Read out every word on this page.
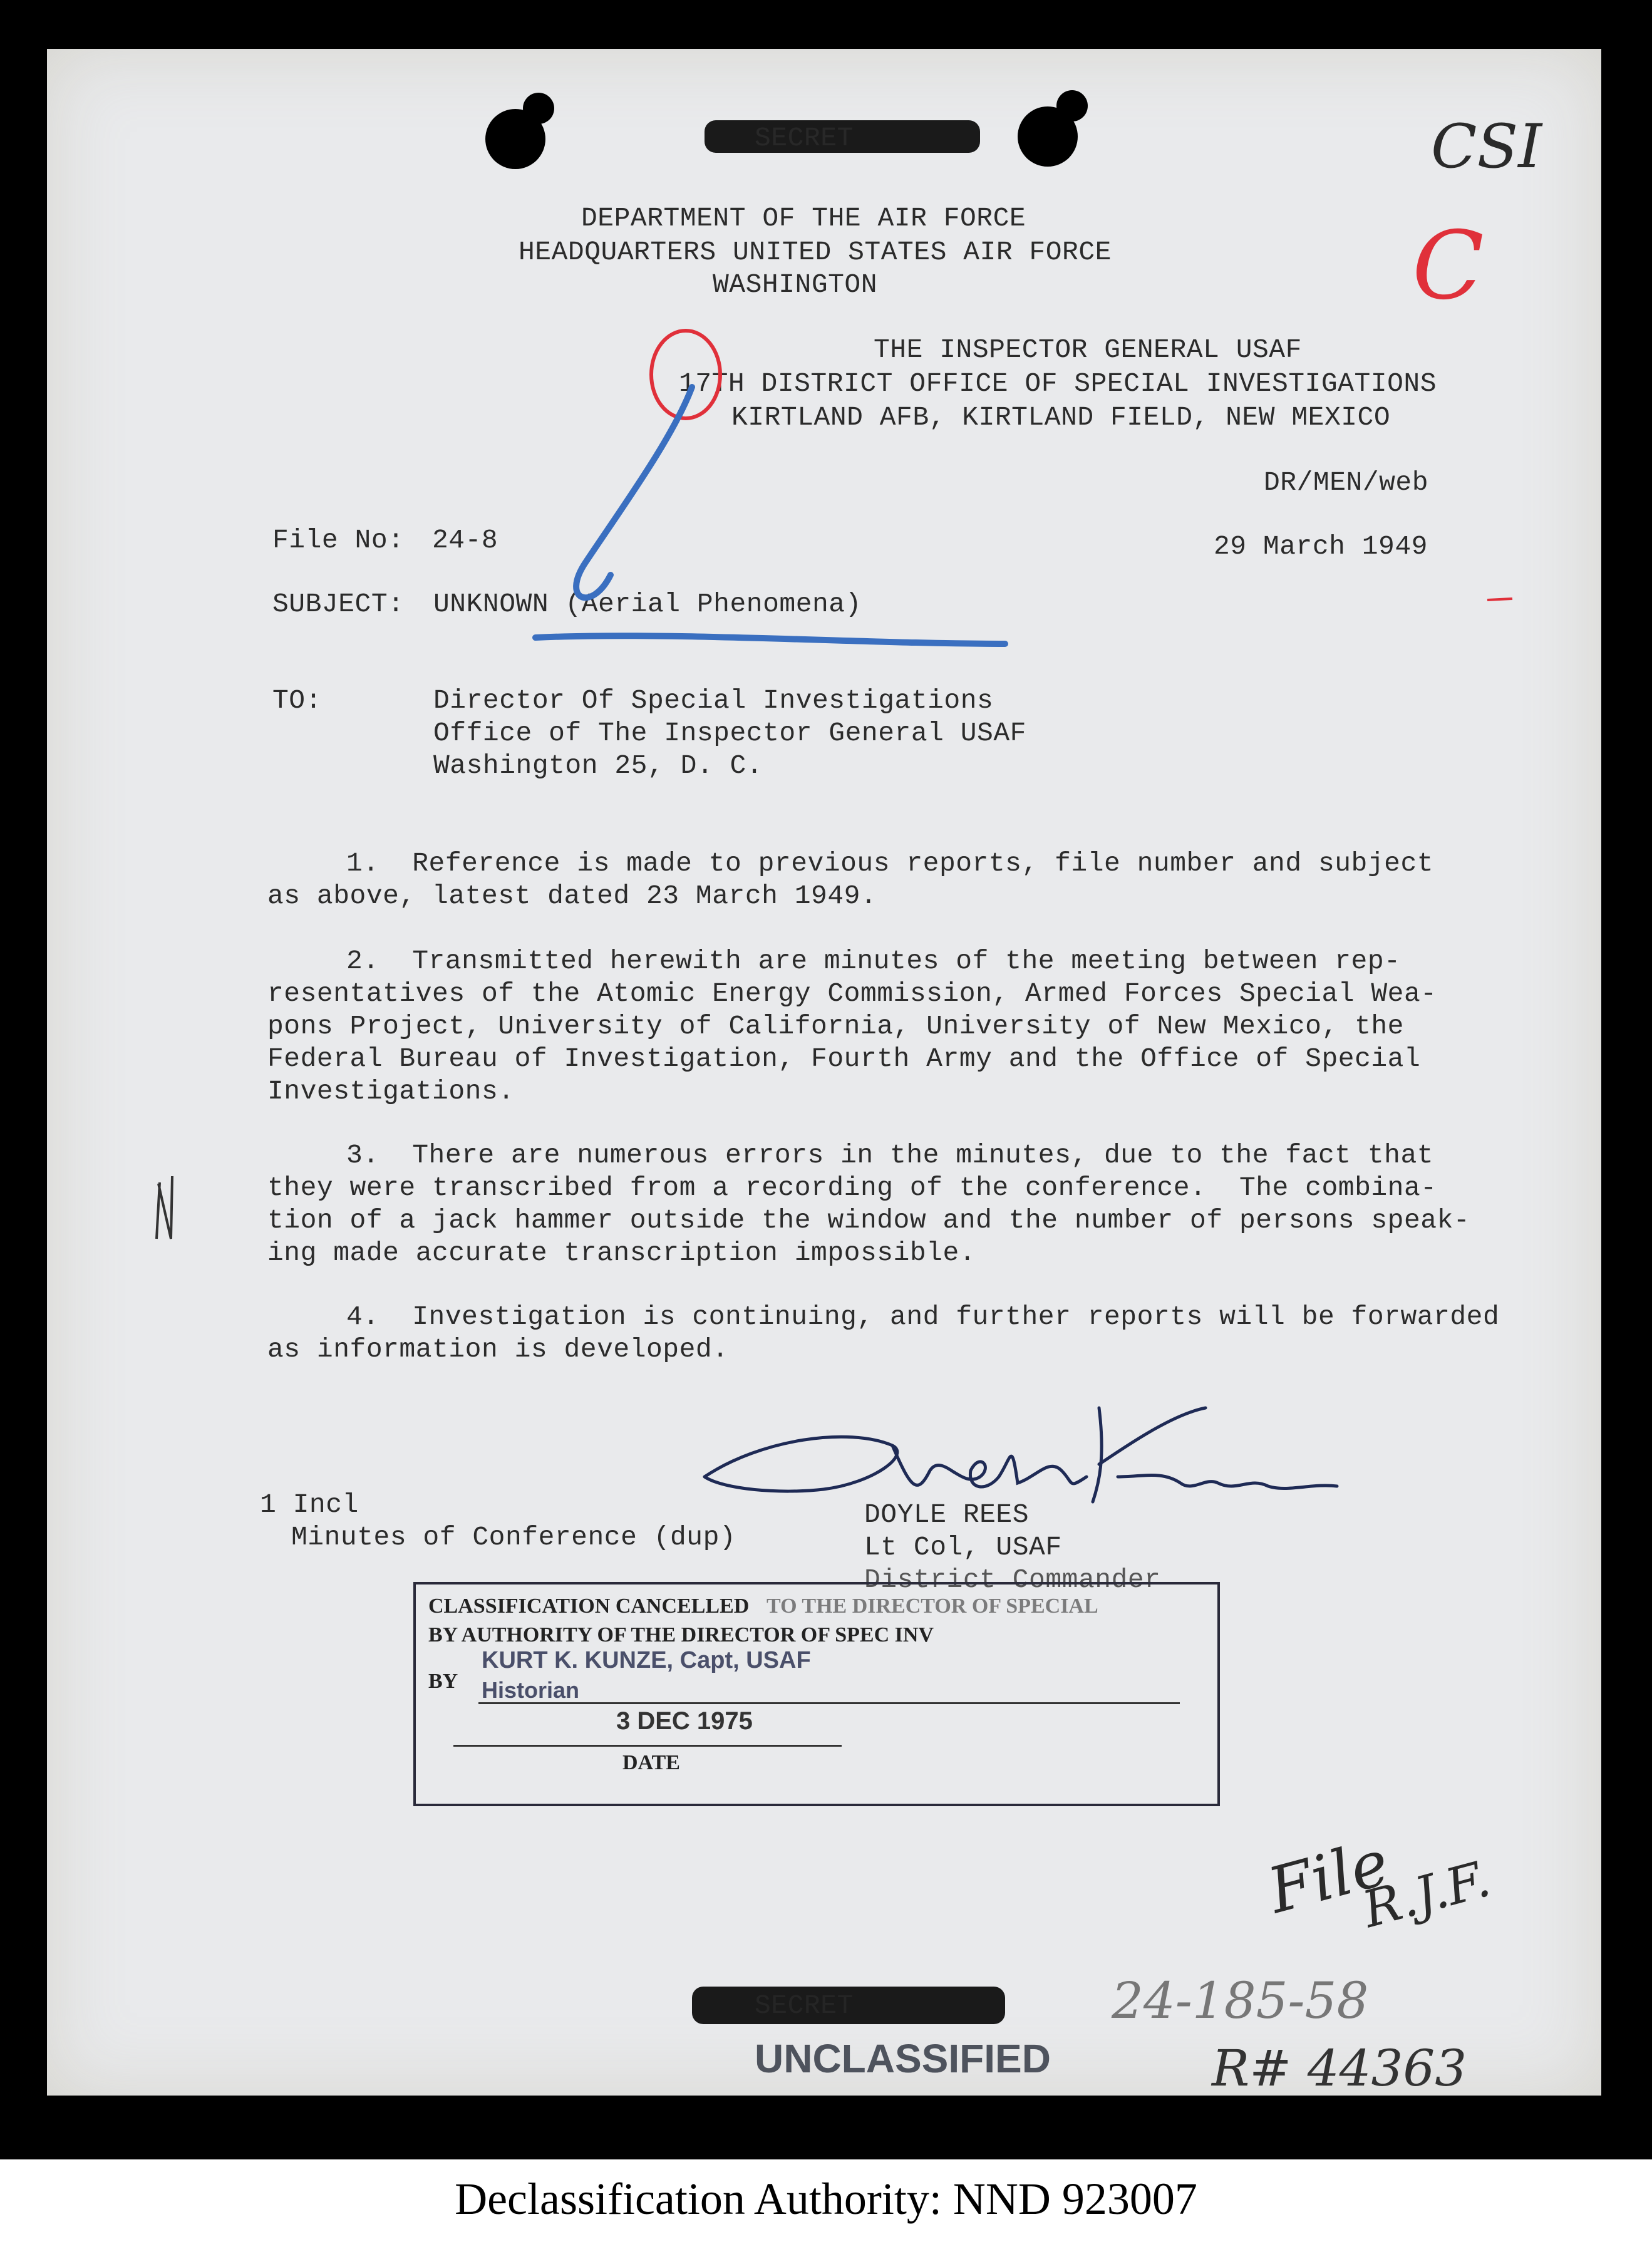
SECRET
DEPARTMENT OF THE AIR FORCE
HEADQUARTERS UNITED STATES AIR FORCE
WASHINGTON
THE INSPECTOR GENERAL USAF
17TH DISTRICT OFFICE OF SPECIAL INVESTIGATIONS
KIRTLAND AFB, KIRTLAND FIELD, NEW MEXICO
DR/MEN/web
File No: 24-8	29 March 1949
SUBJECT: UNKNOWN (Aerial Phenomena)
TO:	Director Of Special Investigations
Office of The Inspector General USAF
Washington 25, D. C.
1.  Reference is made to previous reports, file number and subject
as above, latest dated 23 March 1949.
2.  Transmitted herewith are minutes of the meeting between rep-
resentatives of the Atomic Energy Commission, Armed Forces Special Wea-
pons Project, University of California, University of New Mexico, the
Federal Bureau of Investigation, Fourth Army and the Office of Special
Investigations.
3.  There are numerous errors in the minutes, due to the fact that
they were transcribed from a recording of the conference.  The combina-
tion of a jack hammer outside the window and the number of persons speak-
ing made accurate transcription impossible.
4.  Investigation is continuing, and further reports will be forwarded
as information is developed.
1 Incl
Minutes of Conference (dup)
DOYLE REES
Lt Col, USAF
District Commander
CLASSIFICATION CANCELLED TO THE DIRECTOR OF SPECIAL
BY AUTHORITY OF THE DIRECTOR OF SPEC INV
BY
KURT K. KUNZE, Capt, USAF
Historian
3 DEC 1975
DATE
CSI
C
File
R.J.F.
24-185-58
R# 44363
SECRET
UNCLASSIFIED
Declassification Authority: NND 923007
